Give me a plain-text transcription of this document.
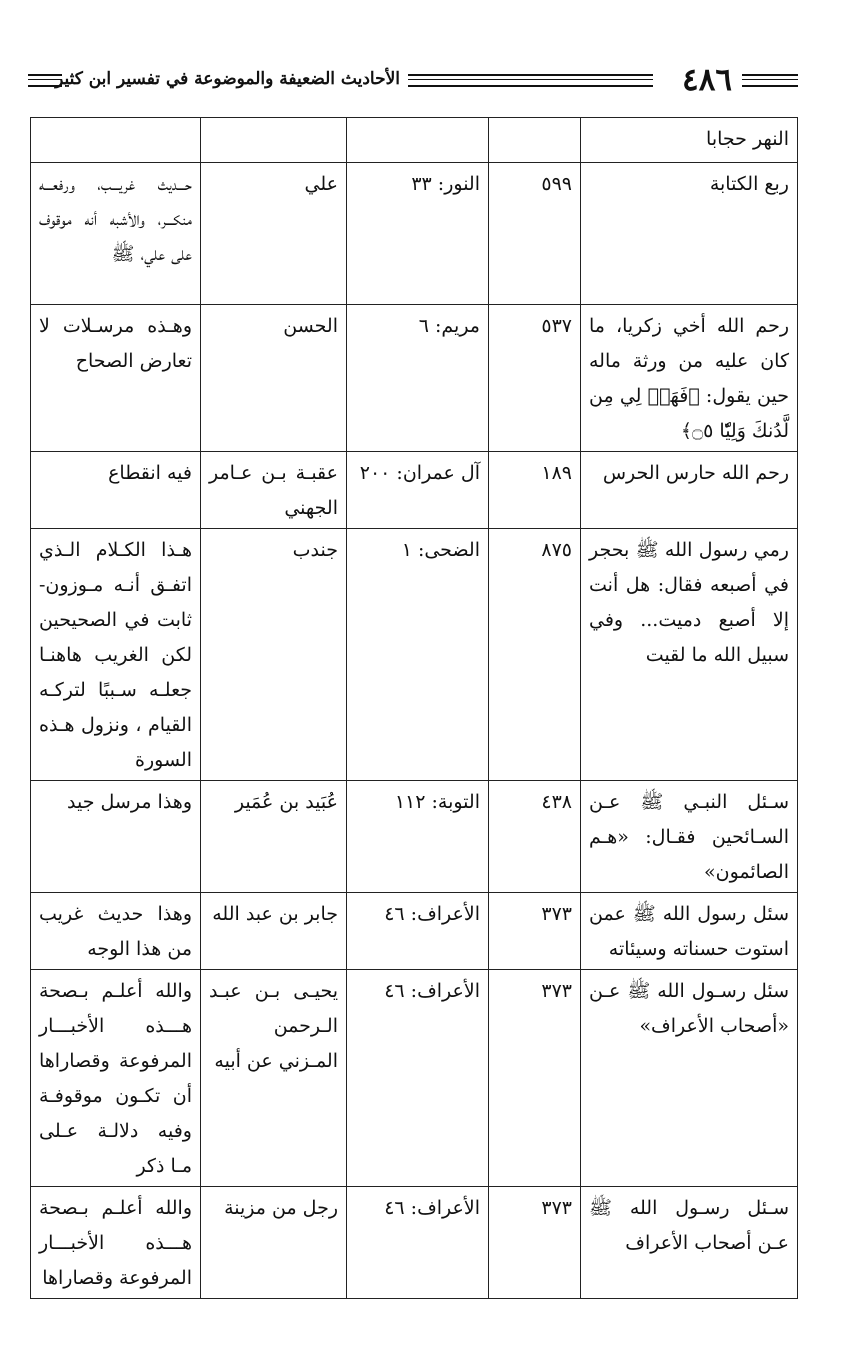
٤٨٦
الأحاديث الضعيفة والموضوعة في تفسير ابن كثير
النهر حجابا				

ربع الكتابة	٥٩٩	النور: ٣٣	علي	حـــديث غريـــب، ورفعـــه منكـــر، والأشبه أنه موقوف على علي، ﷺ

رحم الله أخي زكريا، ما كان عليه من ورثة ماله حين يقول: ﴿فَهَبۡ لِي مِن لَّدُنكَ وَلِيّٗا ۝٥﴾	٥٣٧	مريم: ٦	الحسن	وهـذه مرسـلات لا تعارض الصحاح

رحم الله حارس الحرس	١٨٩	آل عمران: ٢٠٠	عقبـة بـن عـامر الجهني	فيه انقطاع

رمي رسول الله ﷺ بحجر في أصبعه فقال: هل أنت إلا أصبع دميت... وفي سبيل الله ما لقيت	٨٧٥	الضحى: ١	جندب	هـذا الكـلام الـذي اتفـق أنـه مـوزون- ثابت في الصحيحين لكن الغريب هاهنـا جعلـه سـببًا لتركـه القيام ، ونزول هـذه السورة

سـئل النبـي ﷺ عـن السـائحين فقـال: «هـم الصائمون»	٤٣٨	التوبة: ١١٢	عُبَيد بن عُمَير	وهذا مرسل جيد

سئل رسول الله ﷺ عمن استوت حسناته وسيئاته	٣٧٣	الأعراف: ٤٦	جابر بن عبد الله	وهذا حديث غريب من هذا الوجه

سئل رسـول الله ﷺ عـن «أصحاب الأعراف»	٣٧٣	الأعراف: ٤٦	يحيـى بـن عبـد الـرحمن المـزني عن أبيه	والله أعلـم بـصحة هـــذه الأخبـــار المرفوعة وقصاراها أن تكـون موقوفـة وفيه دلالـة عـلى مـا ذكر

سـئل رسـول الله ﷺ عـن أصحاب الأعراف	٣٧٣	الأعراف: ٤٦	رجل من مزينة	والله أعلـم بـصحة هـــذه الأخبـــار المرفوعة وقصاراها
